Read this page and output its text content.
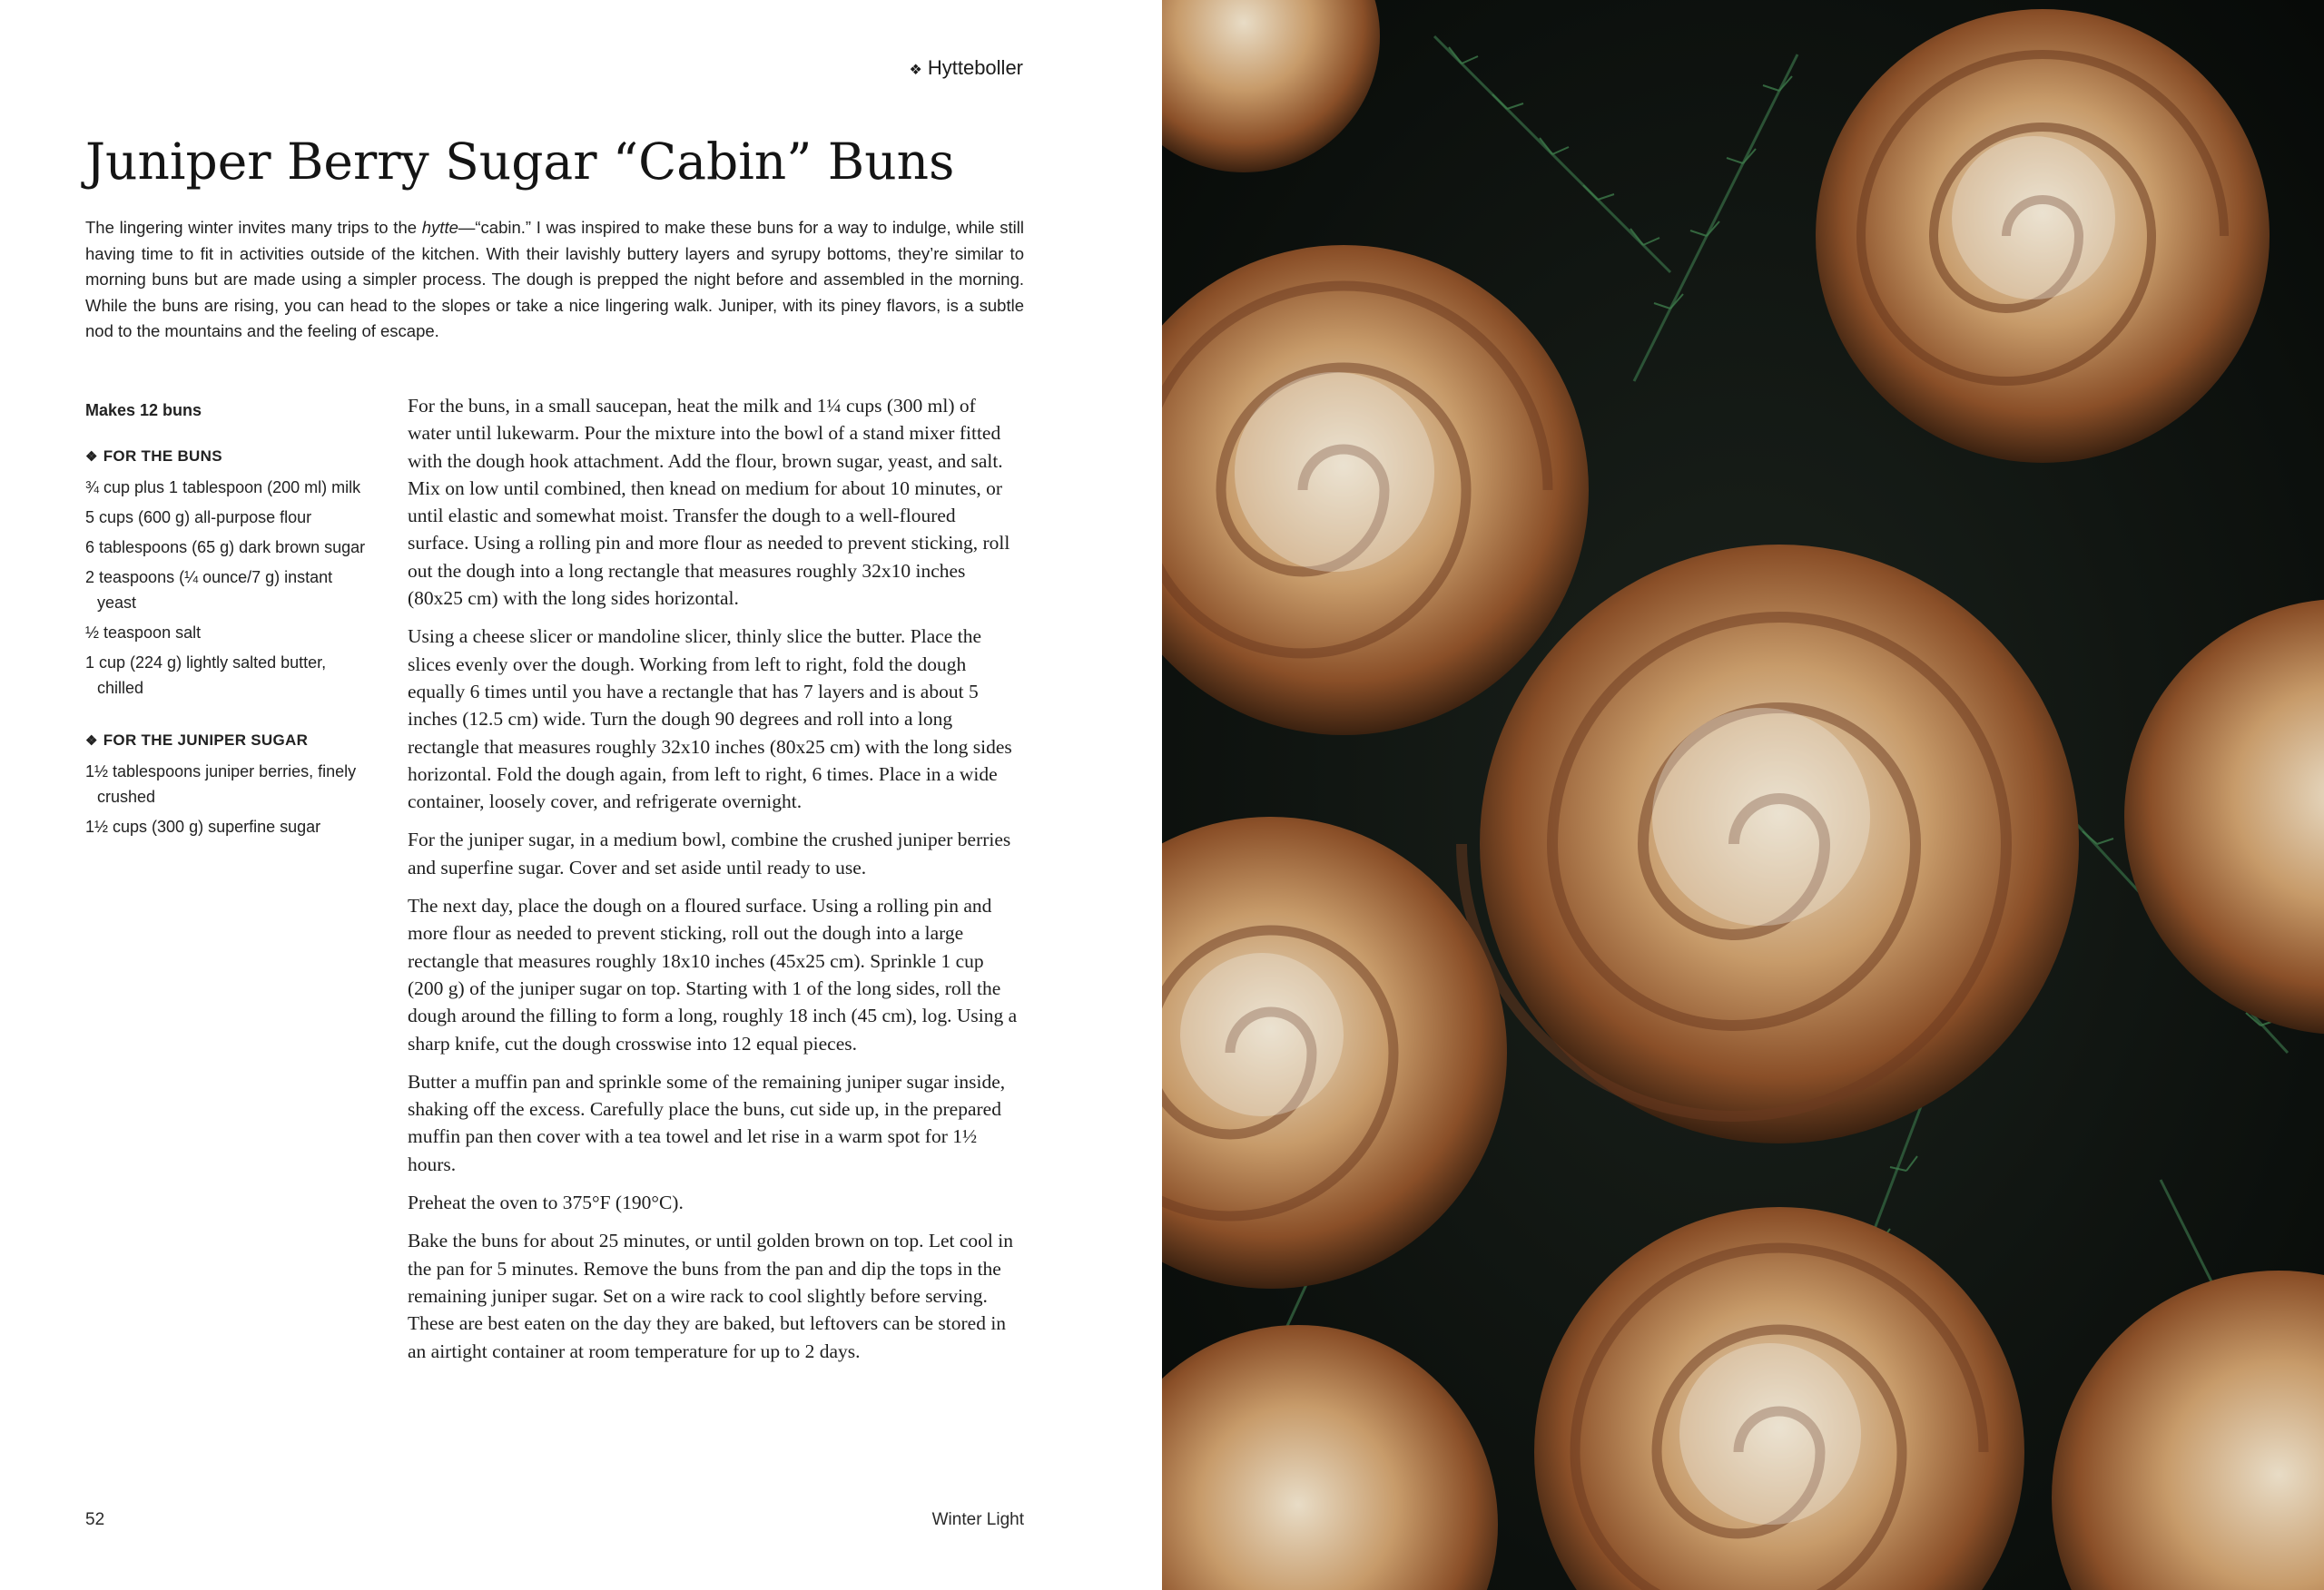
❖ Hytteboller
Juniper Berry Sugar “Cabin” Buns

The lingering winter invites many trips to the hytte—“cabin.” I was inspired to make these buns for a way to indulge, while still having time to fit in activities outside of the kitchen. With their lavishly buttery layers and syrupy bottoms, they’re similar to morning buns but are made using a simpler process. The dough is prepped the night before and assembled in the morning. While the buns are rising, you can head to the slopes or take a nice lingering walk. Juniper, with its piney flavors, is a subtle nod to the mountains and the feeling of escape.

Makes 12 buns

❖ FOR THE BUNS

¾ cup plus 1 tablespoon (200 ml) milk
5 cups (600 g) all-purpose flour
6 tablespoons (65 g) dark brown sugar
2 teaspoons (¼ ounce/7 g) instant yeast
½ teaspoon salt
1 cup (224 g) lightly salted butter, chilled

❖ FOR THE JUNIPER SUGAR

1½ tablespoons juniper berries, finely crushed
1½ cups (300 g) superfine sugar

For the buns, in a small saucepan, heat the milk and 1¼ cups (300 ml) of water until lukewarm. Pour the mixture into the bowl of a stand mixer fitted with the dough hook attachment. Add the flour, brown sugar, yeast, and salt. Mix on low until combined, then knead on medium for about 10 minutes, or until elastic and somewhat moist. Transfer the dough to a well-floured surface. Using a rolling pin and more flour as needed to prevent sticking, roll out the dough into a long rectangle that measures roughly 32x10 inches (80x25 cm) with the long sides horizontal.

Using a cheese slicer or mandoline slicer, thinly slice the butter. Place the slices evenly over the dough. Working from left to right, fold the dough equally 6 times until you have a rectangle that has 7 layers and is about 5 inches (12.5 cm) wide. Turn the dough 90 degrees and roll into a long rectangle that measures roughly 32x10 inches (80x25 cm) with the long sides horizontal. Fold the dough again, from left to right, 6 times. Place in a wide container, loosely cover, and refrigerate overnight.

For the juniper sugar, in a medium bowl, combine the crushed juniper berries and superfine sugar. Cover and set aside until ready to use.

The next day, place the dough on a floured surface. Using a rolling pin and more flour as needed to prevent sticking, roll out the dough into a large rectangle that measures roughly 18x10 inches (45x25 cm). Sprinkle 1 cup (200 g) of the juniper sugar on top. Starting with 1 of the long sides, roll the dough around the filling to form a long, roughly 18 inch (45 cm), log. Using a sharp knife, cut the dough crosswise into 12 equal pieces.

Butter a muffin pan and sprinkle some of the remaining juniper sugar inside, shaking off the excess. Carefully place the buns, cut side up, in the prepared muffin pan then cover with a tea towel and let rise in a warm spot for 1½ hours.

Preheat the oven to 375°F (190°C).

Bake the buns for about 25 minutes, or until golden brown on top. Let cool in the pan for 5 minutes. Remove the buns from the pan and dip the tops in the remaining juniper sugar. Set on a wire rack to cool slightly before serving. These are best eaten on the day they are baked, but leftovers can be stored in an airtight container at room temperature for up to 2 days.

52	Winter Light
